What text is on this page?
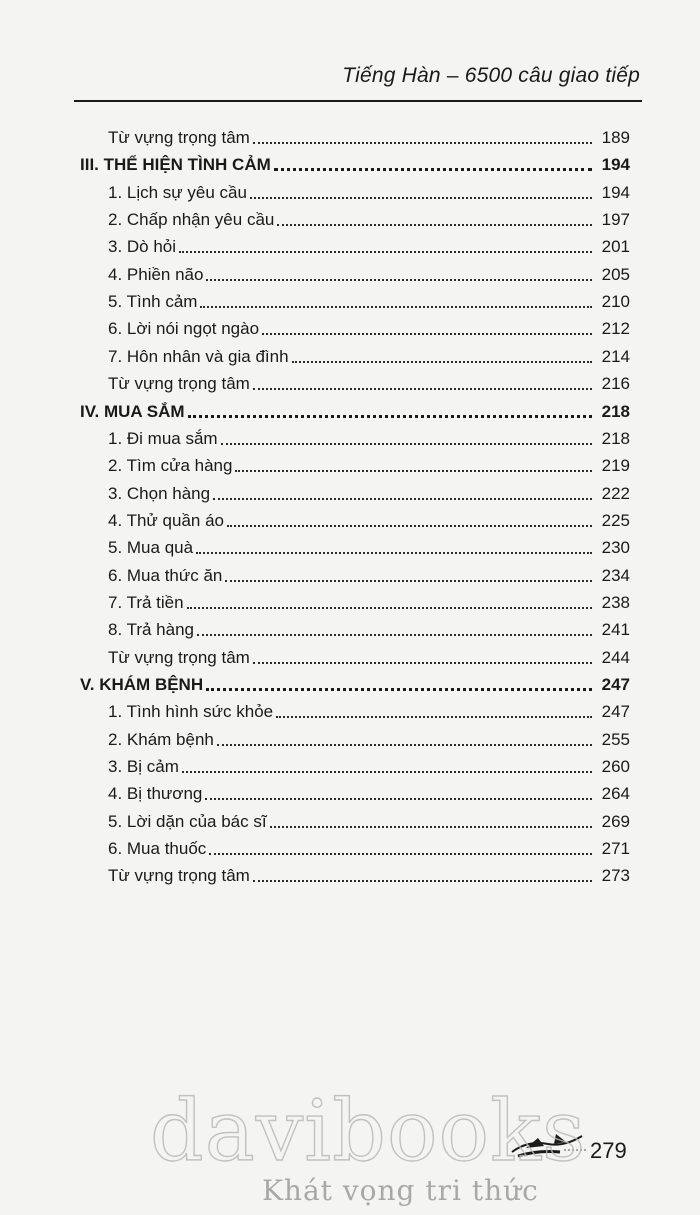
Tiếng Hàn – 6500 câu giao tiếp
Từ vựng trọng tâm	189
III. THỂ HIỆN TÌNH CẢM	194
1. Lịch sự yêu cầu	194
2. Chấp nhận yêu cầu	197
3. Dò hỏi	201
4. Phiền não	205
5. Tình cảm	210
6. Lời nói ngọt ngào	212
7. Hôn nhân và gia đình	214
Từ vựng trọng tâm	216
IV. MUA SẮM	218
1. Đi mua sắm	218
2. Tìm cửa hàng	219
3. Chọn hàng	222
4. Thử quần áo	225
5. Mua quà	230
6. Mua thức ăn	234
7. Trả tiền	238
8. Trả hàng	241
Từ vựng trọng tâm	244
V. KHÁM BỆNH	247
1. Tình hình sức khỏe	247
2. Khám bệnh	255
3. Bị cảm	260
4. Bị thương	264
5. Lời dặn của bác sĩ	269
6. Mua thuốc	271
Từ vựng trọng tâm	273
279
davibooks
Khát vọng tri thức
